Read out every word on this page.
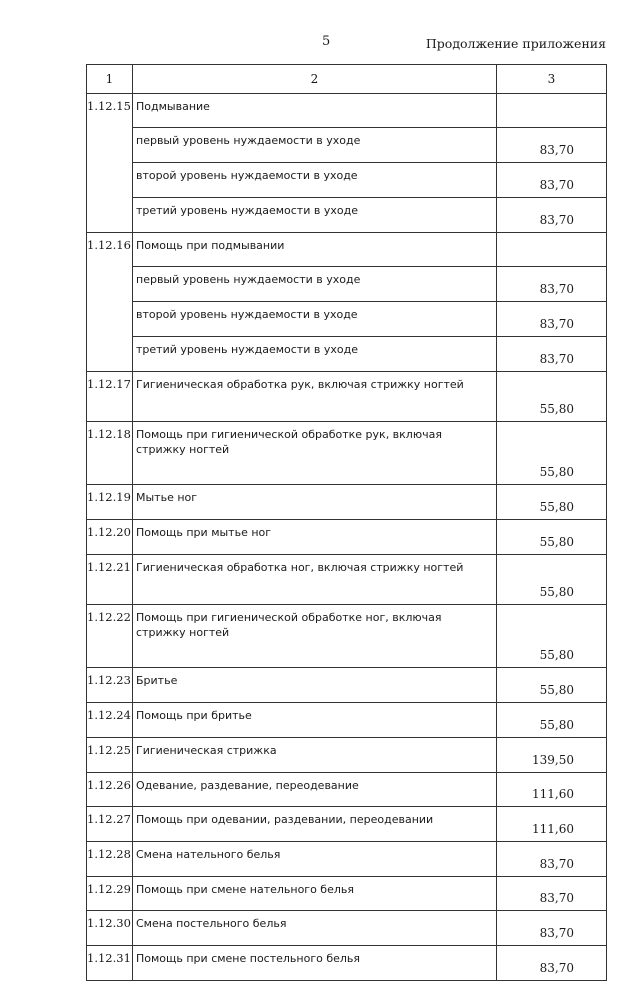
5	Продолжение приложения
1	2	3
1.12.15	Подмывание	
	первый уровень нуждаемости в уходе	83,70
	второй уровень нуждаемости в уходе	83,70
	третий уровень нуждаемости в уходе	83,70
1.12.16	Помощь при подмывании	
	первый уровень нуждаемости в уходе	83,70
	второй уровень нуждаемости в уходе	83,70
	третий уровень нуждаемости в уходе	83,70
1.12.17	Гигиеническая обработка рук, включая стрижку ногтей	55,80
1.12.18	Помощь при гигиенической обработке рук, включая стрижку ногтей	55,80
1.12.19	Мытье ног	55,80
1.12.20	Помощь при мытье ног	55,80
1.12.21	Гигиеническая обработка ног, включая стрижку ногтей	55,80
1.12.22	Помощь при гигиенической обработке ног, включая стрижку ногтей	55,80
1.12.23	Бритье	55,80
1.12.24	Помощь при бритье	55,80
1.12.25	Гигиеническая стрижка	139,50
1.12.26	Одевание, раздевание, переодевание	111,60
1.12.27	Помощь при одевании, раздевании, переодевании	111,60
1.12.28	Смена нательного белья	83,70
1.12.29	Помощь при смене нательного белья	83,70
1.12.30	Смена постельного белья	83,70
1.12.31	Помощь при смене постельного белья	83,70
